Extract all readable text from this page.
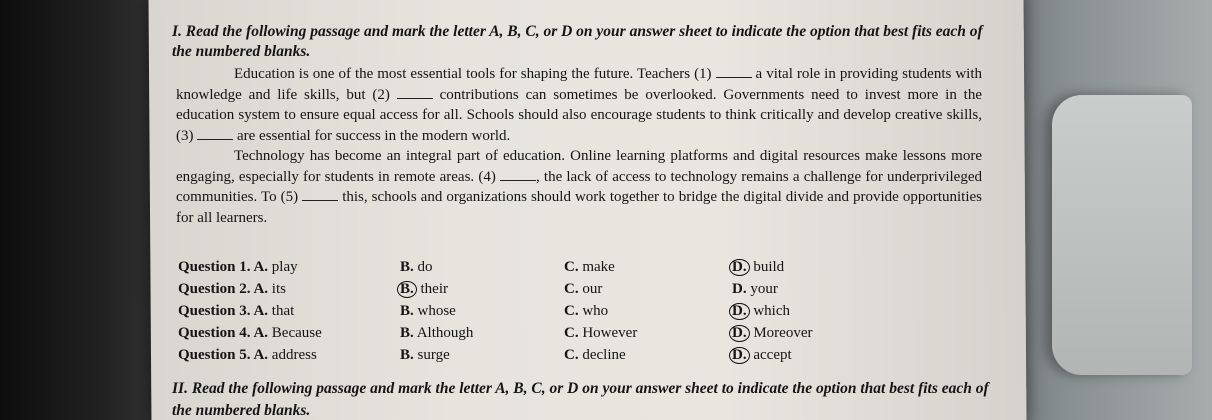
I. Read the following passage and mark the letter A, B, C, or D on your answer sheet to indicate the option that best fits each of the numbered blanks.

Education is one of the most essential tools for shaping the future. Teachers (1)  a vital role in providing students with knowledge and life skills, but (2)  contributions can sometimes be overlooked. Governments need to invest more in the education system to ensure equal access for all. Schools should also encourage students to think critically and develop creative skills, (3)  are essential for success in the modern world.

Technology has become an integral part of education. Online learning platforms and digital resources make lessons more engaging, especially for students in remote areas. (4) , the lack of access to technology remains a challenge for underprivileged communities. To (5)  this, schools and organizations should work together to bridge the digital divide and provide opportunities for all learners.

Question 1. A. play	B. do	C. make	D. build
Question 2. A. its	B. their	C. our	D. your
Question 3. A. that	B. whose	C. who	D. which
Question 4. A. Because	B. Although	C. However	D. Moreover
Question 5. A. address	B. surge	C. decline	D. accept
II. Read the following passage and mark the letter A, B, C, or D on your answer sheet to indicate the option that best fits each of the numbered blanks.
